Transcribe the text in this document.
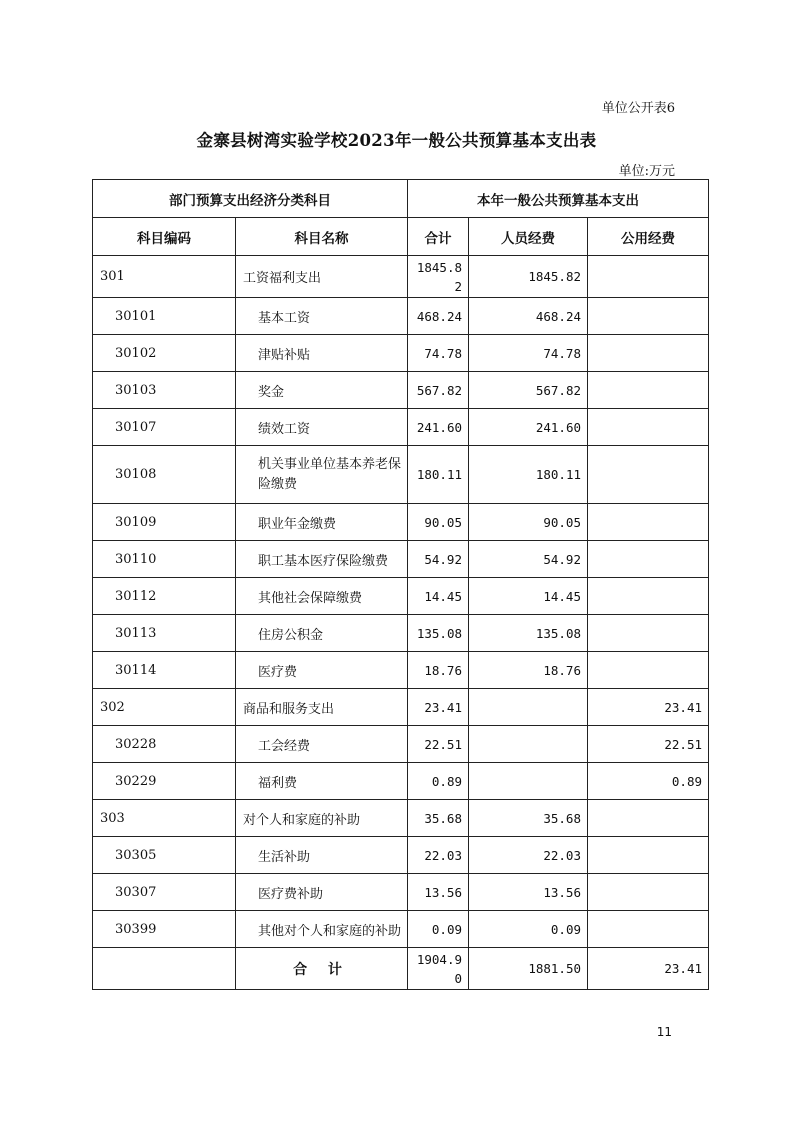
单位公开表6
金寨县树湾实验学校2023年一般公共预算基本支出表
单位:万元
部门预算支出经济分类科目		本年一般公共预算基本支出		
科目编码	科目名称	合计	人员经费	公用经费
301	工资福利支出	1845.82	1845.82	
30101	基本工资	468.24	468.24	
30102	津贴补贴	74.78	74.78	
30103	奖金	567.82	567.82	
30107	绩效工资	241.60	241.60	
30108	机关事业单位基本养老保险缴费	180.11	180.11	
30109	职业年金缴费	90.05	90.05	
30110	职工基本医疗保险缴费	54.92	54.92	
30112	其他社会保障缴费	14.45	14.45	
30113	住房公积金	135.08	135.08	
30114	医疗费	18.76	18.76	
302	商品和服务支出	23.41		23.41
30228	工会经费	22.51		22.51
30229	福利费	0.89		0.89
303	对个人和家庭的补助	35.68	35.68	
30305	生活补助	22.03	22.03	
30307	医疗费补助	13.56	13.56	
30399	其他对个人和家庭的补助	0.09	0.09	
	合 计	1904.90	1881.50	23.41
11
